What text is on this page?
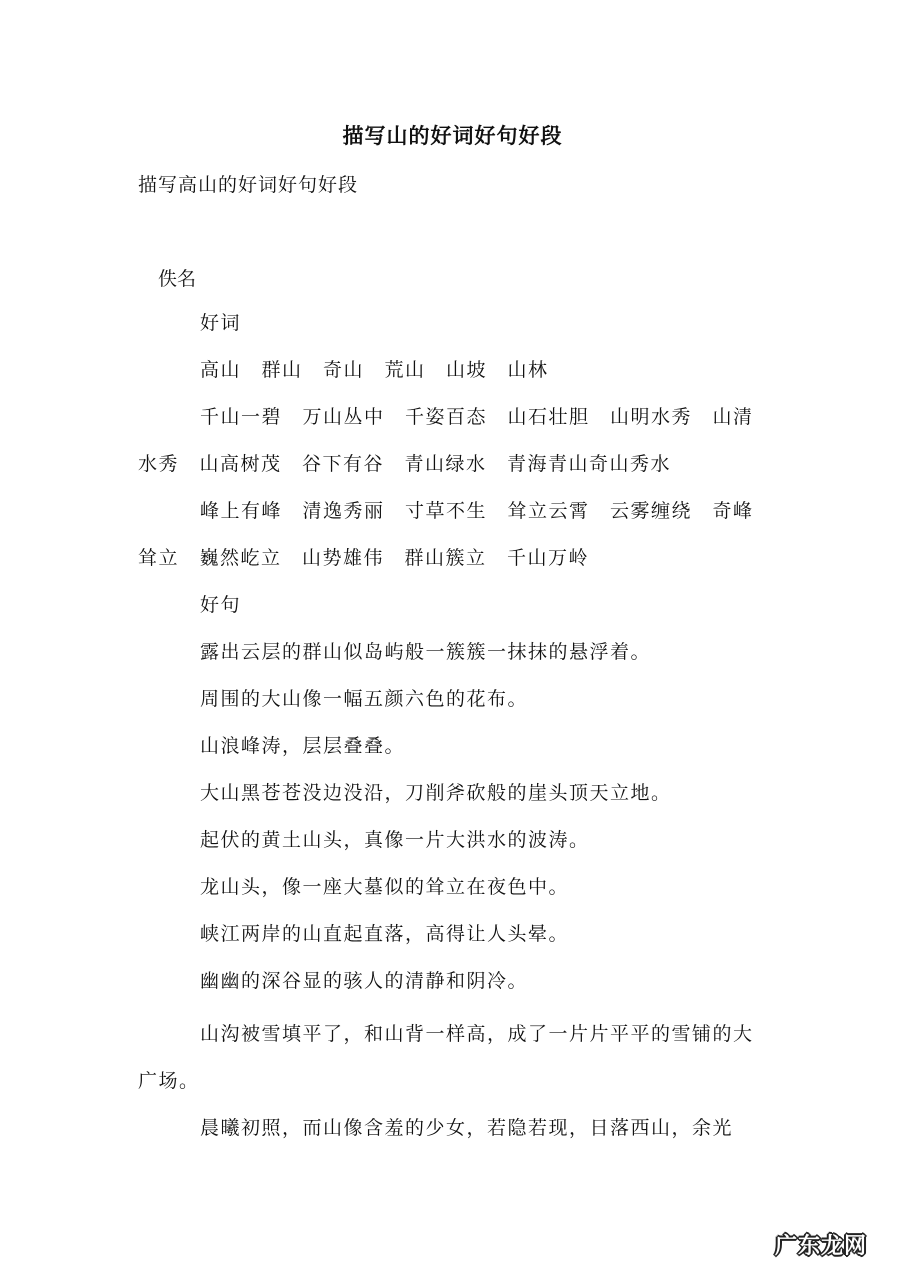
描写山的好词好句好段

描写高山的好词好句好段

佚名

好词

高山　群山　奇山　荒山　山坡　山林

千山一碧　万山丛中　千姿百态　山石壮胆　山明水秀　山清水秀　山高树茂　谷下有谷　青山绿水　青海青山奇山秀水

峰上有峰　清逸秀丽　寸草不生　耸立云霄　云雾缠绕　奇峰耸立　巍然屹立　山势雄伟　群山簇立　千山万岭

好句

露出云层的群山似岛屿般一簇簇一抹抹的悬浮着。

周围的大山像一幅五颜六色的花布。

山浪峰涛，层层叠叠。

大山黑苍苍没边没沿，刀削斧砍般的崖头顶天立地。

起伏的黄土山头，真像一片大洪水的波涛。

龙山头，像一座大墓似的耸立在夜色中。

峡江两岸的山直起直落，高得让人头晕。

幽幽的深谷显的骇人的清静和阴冷。

山沟被雪填平了，和山背一样高，成了一片片平平的雪铺的大广场。

晨曦初照，而山像含羞的少女，若隐若现，日落西山，余光

广东龙网
